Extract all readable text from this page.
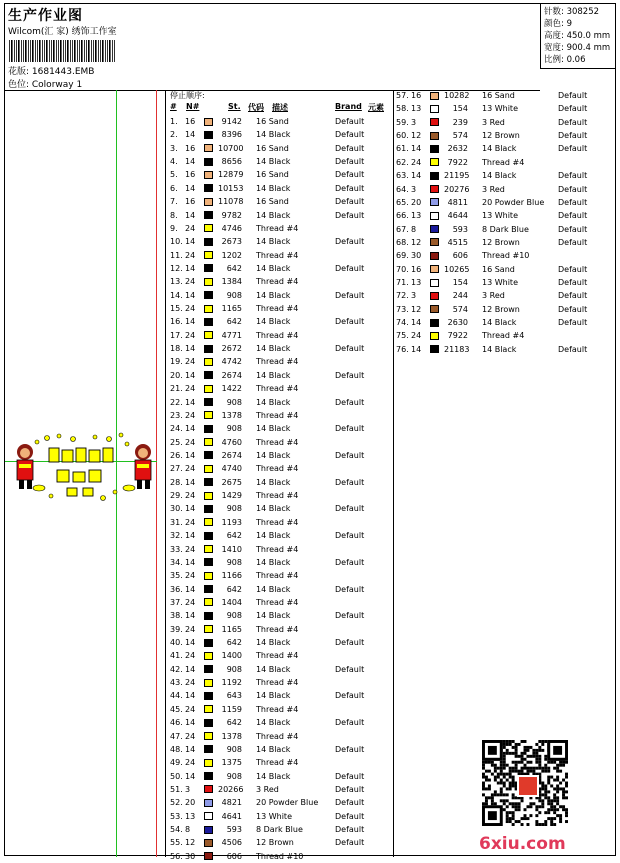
生产作业图
Wilcom(汇 家) 绣饰工作室
花版: 1681443.EMB
色位: Colorway 1
针数: 308252
颜色: 9
高度: 450.0 mm
宽度: 900.4 mm
比例: 0.06
停止顺序:
# N#	St. 代码 描述	Brand 元素
1. 16	9142 16 Sand	Default
2. 14	8396 14 Black	Default
3. 16	10700 16 Sand	Default
4. 14	8656 14 Black	Default
5. 16	12879 16 Sand	Default
6. 14	10153 14 Black	Default
7. 16	11078 16 Sand	Default
8. 14	9782 14 Black	Default
9. 24	4746 Thread #4
10. 14	2673 14 Black	Default
11. 24	1202 Thread #4
12. 14	642 14 Black	Default
13. 24	1384 Thread #4
14. 14	908 14 Black	Default
15. 24	1165 Thread #4
16. 14	642 14 Black	Default
17. 24	4771 Thread #4
18. 14	2672 14 Black	Default
19. 24	4742 Thread #4
20. 14	2674 14 Black	Default
21. 24	1422 Thread #4
22. 14	908 14 Black	Default
23. 24	1378 Thread #4
24. 14	908 14 Black	Default
25. 24	4760 Thread #4
26. 14	2674 14 Black	Default
27. 24	4740 Thread #4
28. 14	2675 14 Black	Default
29. 24	1429 Thread #4
30. 14	908 14 Black	Default
31. 24	1193 Thread #4
32. 14	642 14 Black	Default
33. 24	1410 Thread #4
34. 14	908 14 Black	Default
35. 24	1166 Thread #4
36. 14	642 14 Black	Default
37. 24	1404 Thread #4
38. 14	908 14 Black	Default
39. 24	1165 Thread #4
40. 14	642 14 Black	Default
41. 24	1400 Thread #4
42. 14	908 14 Black	Default
43. 24	1192 Thread #4
44. 14	643 14 Black	Default
45. 24	1159 Thread #4
46. 14	642 14 Black	Default
47. 24	1378 Thread #4
48. 14	908 14 Black	Default
49. 24	1375 Thread #4
50. 14	908 14 Black	Default
51. 3	20266 3 Red	Default
52. 20	4821 20 Powder Blue Default
53. 13	4641 13 White	Default
54. 8	593 8 Dark Blue	Default
55. 12	4506 12 Brown	Default
56. 30	606 Thread #10
57. 16	10282 16 Sand	Default
58. 13	154 13 White	Default
59. 3	239 3 Red	Default
60. 12	574 12 Brown	Default
61. 14	2632 14 Black	Default
62. 24	7922 Thread #4
63. 14	21195 14 Black	Default
64. 3	20276 3 Red	Default
65. 20	4811 20 Powder Blue Default
66. 13	4644 13 White	Default
67. 8	593 8 Dark Blue	Default
68. 12	4515 12 Brown	Default
69. 30	606 Thread #10
70. 16	10265 16 Sand	Default
71. 13	154 13 White	Default
72. 3	244 3 Red	Default
73. 12	574 12 Brown	Default
74. 14	2630 14 Black	Default
75. 24	7922 Thread #4
76. 14	21183 14 Black	Default
6xiu.com
